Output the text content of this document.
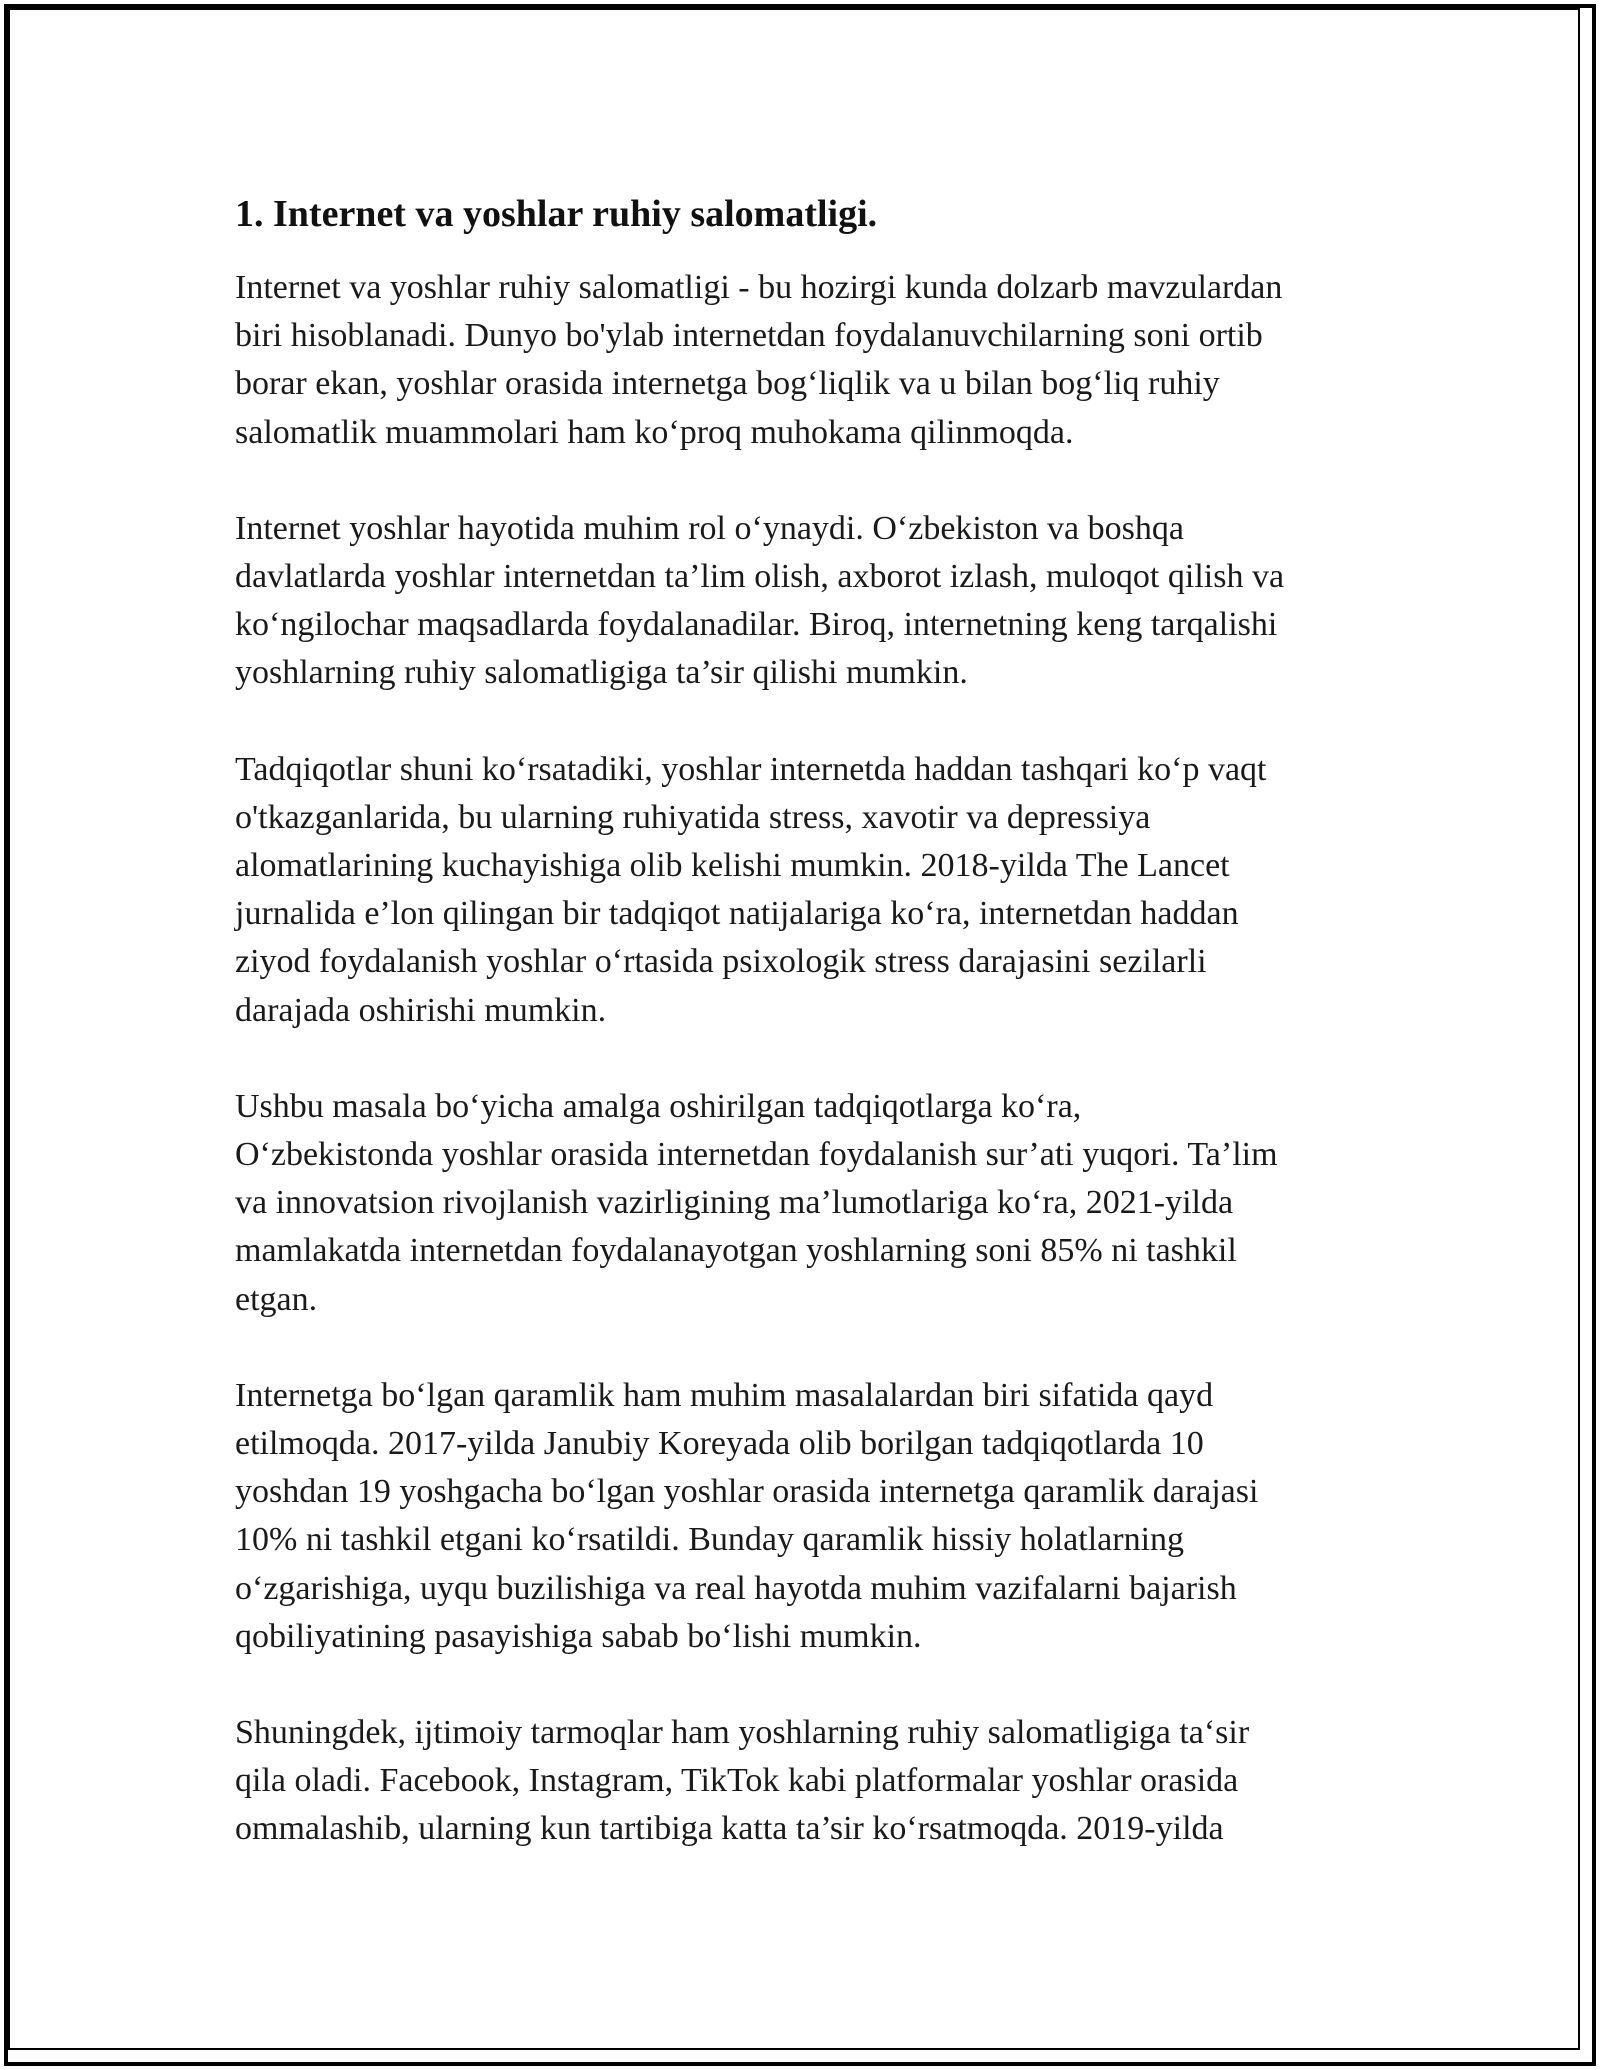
1. Internet va yoshlar ruhiy salomatligi.

Internet va yoshlar ruhiy salomatligi - bu hozirgi kunda dolzarb mavzulardan
biri hisoblanadi. Dunyo bo'ylab internetdan foydalanuvchilarning soni ortib
borar ekan, yoshlar orasida internetga bog‘liqlik va u bilan bog‘liq ruhiy
salomatlik muammolari ham ko‘proq muhokama qilinmoqda.

Internet yoshlar hayotida muhim rol o‘ynaydi. O‘zbekiston va boshqa
davlatlarda yoshlar internetdan ta’lim olish, axborot izlash, muloqot qilish va
ko‘ngilochar maqsadlarda foydalanadilar. Biroq, internetning keng tarqalishi
yoshlarning ruhiy salomatligiga ta’sir qilishi mumkin.

Tadqiqotlar shuni ko‘rsatadiki, yoshlar internetda haddan tashqari ko‘p vaqt
o'tkazganlarida, bu ularning ruhiyatida stress, xavotir va depressiya
alomatlarining kuchayishiga olib kelishi mumkin. 2018-yilda The Lancet
jurnalida e’lon qilingan bir tadqiqot natijalariga ko‘ra, internetdan haddan
ziyod foydalanish yoshlar o‘rtasida psixologik stress darajasini sezilarli
darajada oshirishi mumkin.

Ushbu masala bo‘yicha amalga oshirilgan tadqiqotlarga ko‘ra,
O‘zbekistonda yoshlar orasida internetdan foydalanish sur’ati yuqori. Ta’lim
va innovatsion rivojlanish vazirligining ma’lumotlariga ko‘ra, 2021-yilda
mamlakatda internetdan foydalanayotgan yoshlarning soni 85% ni tashkil
etgan.

Internetga bo‘lgan qaramlik ham muhim masalalardan biri sifatida qayd
etilmoqda. 2017-yilda Janubiy Koreyada olib borilgan tadqiqotlarda 10
yoshdan 19 yoshgacha bo‘lgan yoshlar orasida internetga qaramlik darajasi
10% ni tashkil etgani ko‘rsatildi. Bunday qaramlik hissiy holatlarning
o‘zgarishiga, uyqu buzilishiga va real hayotda muhim vazifalarni bajarish
qobiliyatining pasayishiga sabab bo‘lishi mumkin.

Shuningdek, ijtimoiy tarmoqlar ham yoshlarning ruhiy salomatligiga ta‘sir
qila oladi. Facebook, Instagram, TikTok kabi platformalar yoshlar orasida
ommalashib, ularning kun tartibiga katta ta’sir ko‘rsatmoqda. 2019-yilda
